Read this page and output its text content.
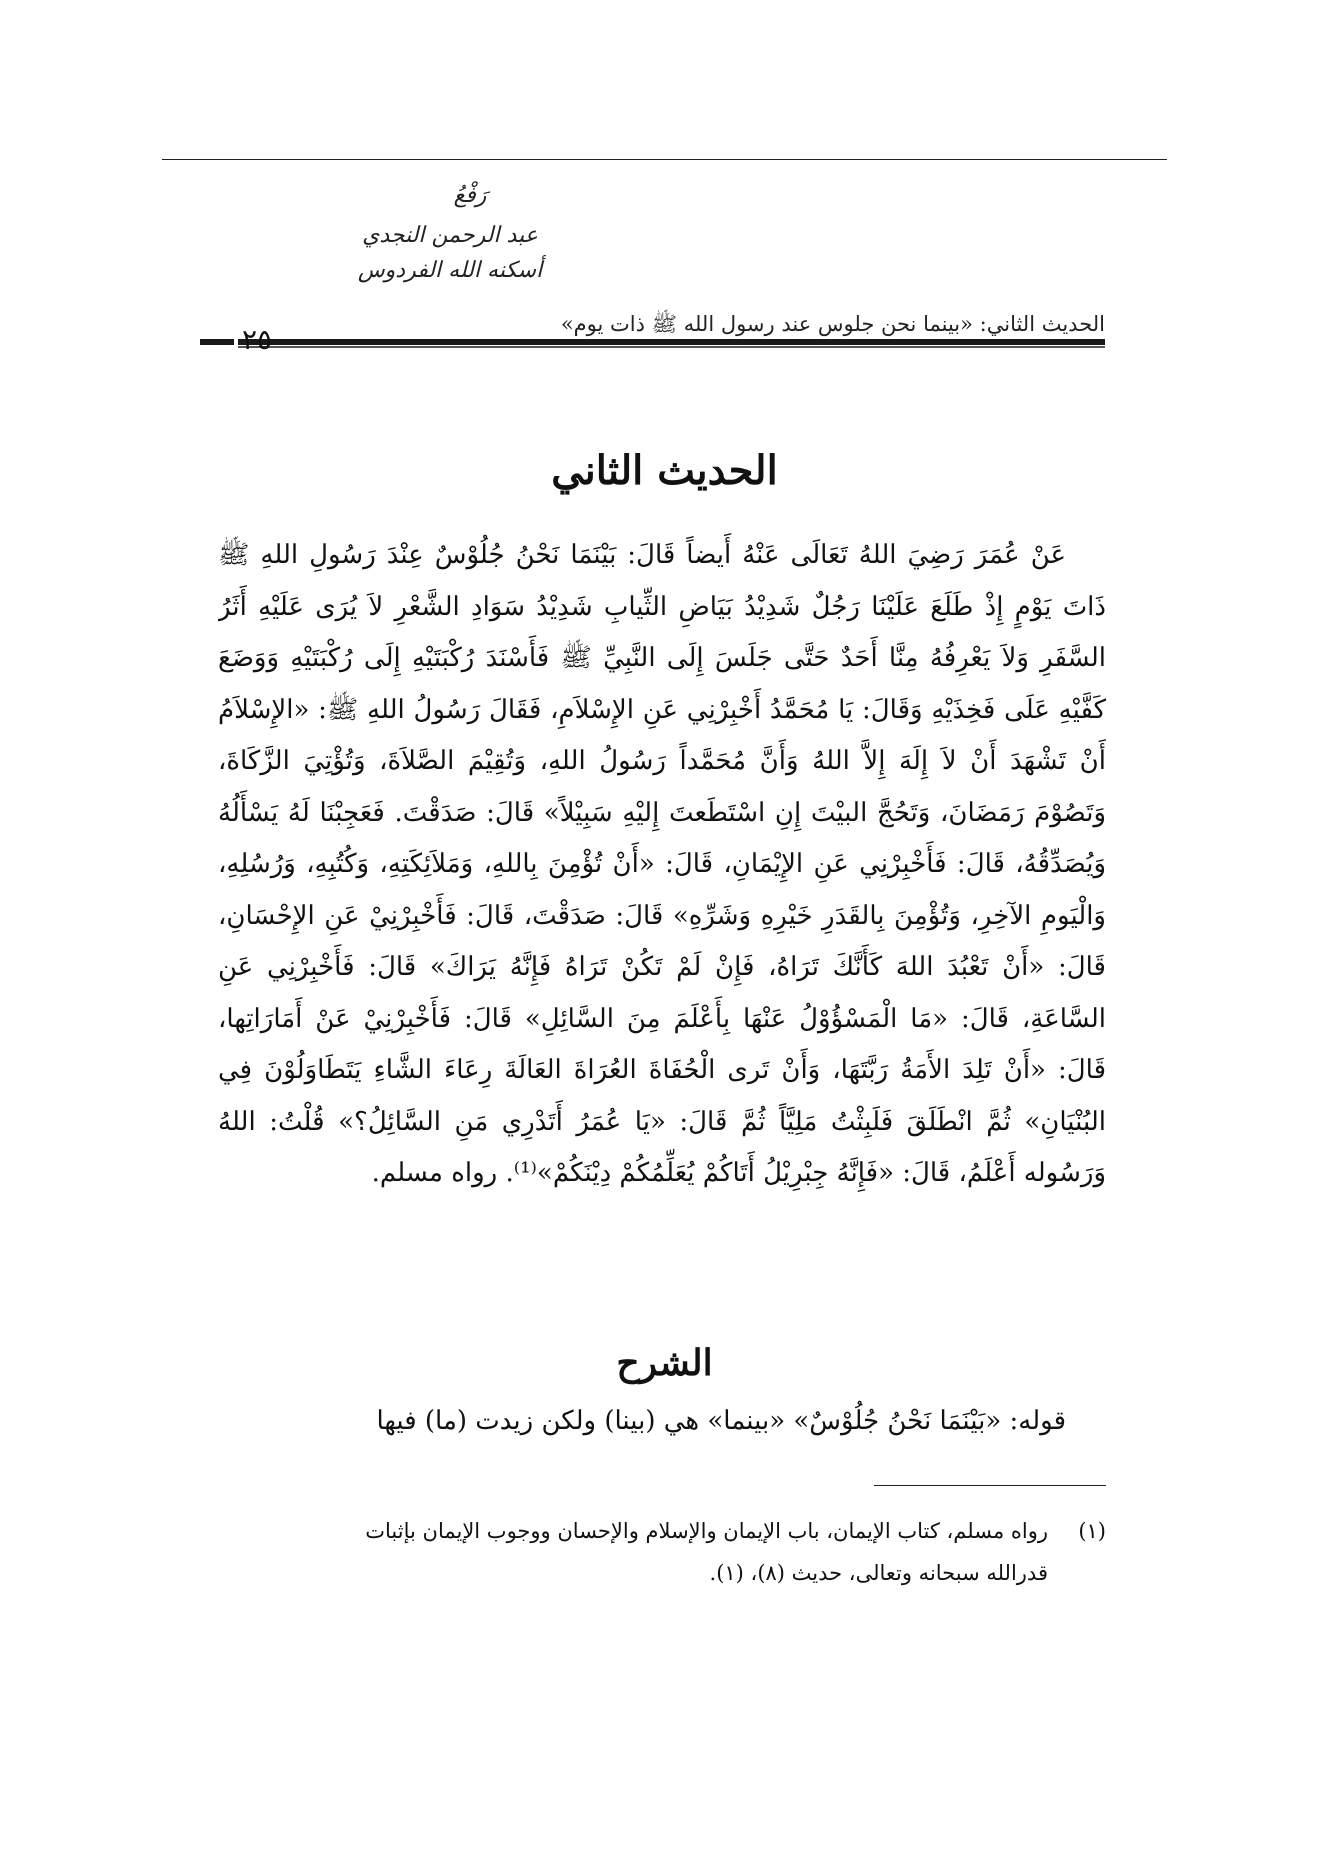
رَفْعُ
عبد الرحمن النجدي
أسكنه الله الفردوس
الحديث الثاني: «بينما نحن جلوس عند رسول الله ﷺ ذات يوم»
٢٥
الحديث الثاني

عَنْ عُمَرَ رَضِيَ اللهُ تَعَالَى عَنْهُ أَيضاً قَالَ: بَيْنَمَا نَحْنُ جُلُوْسٌ عِنْدَ رَسُولِ اللهِ ﷺ ذَاتَ يَوْمٍ إِذْ طَلَعَ عَلَيْنَا رَجُلٌ شَدِيْدُ بَيَاضِ الثِّيابِ شَدِيْدُ سَوَادِ الشَّعْرِ لاَ يُرَى عَلَيْهِ أَثَرُ السَّفَرِ وَلاَ يَعْرِفُهُ مِنَّا أَحَدٌ حَتَّى جَلَسَ إِلَى النَّبِيِّ ﷺ فَأَسْنَدَ رُكْبَتَيْهِ إِلَى رُكْبَتَيْهِ وَوَضَعَ كَفَّيْهِ عَلَى فَخِذَيْهِ وَقَالَ: يَا مُحَمَّدُ أَخْبِرْنِي عَنِ الإِسْلاَمِ، فَقَالَ رَسُولُ اللهِ ﷺ: «الإِسْلاَمُ أَنْ تَشْهَدَ أَنْ لاَ إِلَهَ إِلاَّ اللهُ وَأَنَّ مُحَمَّداً رَسُولُ اللهِ، وَتُقِيْمَ الصَّلاَةَ، وَتُؤْتِيَ الزَّكَاةَ، وَتَصُوْمَ رَمَضَانَ، وَتَحُجَّ البيْتَ إِنِ اسْتَطَعتَ إِليْهِ سَبِيْلاً» قَالَ: صَدَقْتَ. فَعَجِبْنَا لَهُ يَسْأَلُهُ وَيُصَدِّقُهُ، قَالَ: فَأَخْبِرْنِي عَنِ الإِيْمَانِ، قَالَ: «أَنْ تُؤْمِنَ بِاللهِ، وَمَلاَئِكَتِهِ، وَكُتُبِهِ، وَرُسُلِهِ، وَالْيَومِ الآخِرِ، وَتُؤْمِنَ بِالقَدَرِ خَيْرِهِ وَشَرِّهِ» قَالَ: صَدَقْتَ، قَالَ: فَأَخْبِرْنِيْ عَنِ الإِحْسَانِ، قَالَ: «أَنْ تَعْبُدَ اللهَ كَأَنَّكَ تَرَاهُ، فَإِنْ لَمْ تَكُنْ تَرَاهُ فَإِنَّهُ يَرَاكَ» قَالَ: فَأَخْبِرْنِي عَنِ السَّاعَةِ، قَالَ: «مَا الْمَسْؤُوْلُ عَنْهَا بِأَعْلَمَ مِنَ السَّائِلِ» قَالَ: فَأَخْبِرْنِيْ عَنْ أَمَارَاتِها، قَالَ: «أَنْ تَلِدَ الأَمَةُ رَبَّتَهَا، وَأَنْ تَرى الْحُفَاةَ العُرَاةَ العَالَةَ رِعَاءَ الشَّاءِ يَتَطَاوَلُوْنَ فِي البُنْيَانِ» ثُمَّ انْطَلَقَ فَلَبِثْتُ مَلِيَّاً ثُمَّ قَالَ: «يَا عُمَرُ أَتَدْرِي مَنِ السَّائِلُ؟» قُلْتُ: اللهُ وَرَسُوله أَعْلَمُ، قَالَ: «فَإِنَّهُ جِبْرِيْلُ أَتَاكُمْ يُعَلِّمُكُمْ دِيْنَكُمْ»⁽¹⁾. رواه مسلم.

الشرح
قوله: «بَيْنَمَا نَحْنُ جُلُوْسٌ» «بينما» هي (بينا) ولكن زيدت (ما) فيها
(١)رواه مسلم، كتاب الإيمان، باب الإيمان والإسلام والإحسان ووجوب الإيمان بإثبات
قدرالله سبحانه وتعالى، حديث (٨)، (١).
